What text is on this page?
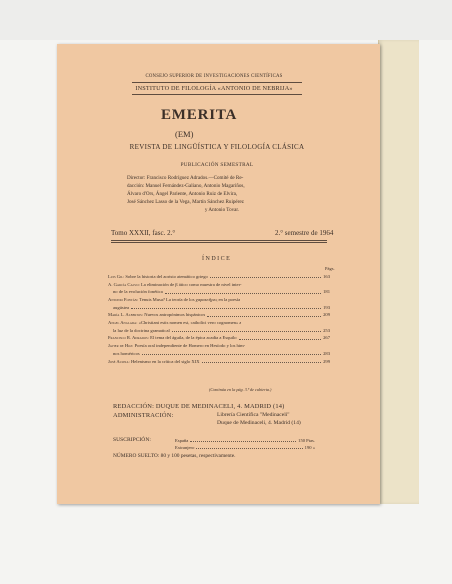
CONSEJO SUPERIOR DE INVESTIGACIONES CIENTÍFICAS
INSTITUTO DE FILOLOGÍA «ANTONIO DE NEBRIJA»
EMERITA
(EM)
REVISTA DE LINGÜÍSTICA Y FILOLOGÍA CLÁSICA
PUBLICACIÓN SEMESTRAL
Director: Francisco Rodríguez Adrados.—Comité de Re-
dacción: Manuel Fernández-Galiano, Antonio Magariños,
Álvaro d'Ors, Ángel Pariente, Antonio Ruiz de Elvira,
José Sánchez Lasso de la Vega, Martín Sánchez Ruipérez
y Antonio Tovar.
Tomo XXXII, fasc. 2.°	2.° semestre de 1964
ÍNDICE
Págs.
Luis Gil: Sobre la historia del aoristo atemático griego	163
A. García Calvo: La eliminación de β ático como muestra de nivel inter-
no de la evolución fonética	181
Antonio Fontán: Tenuis Musa? La teoría de los χαρακτῆρες en la poesía
augústea	193
María L. Albertos: Nuevos antropónimos hispánicos	209
Angel Anglada: «Christiani estis nomen est, catholici vero cognomen» a
la luz de la doctrina gramatical	253
Francisco R. Adrados: El tema del águila, de la épica acadia a Esquilo	267
Javier de Hoz: Poesía oral independiente de Homero en Hesíodo y los him-
nos homéricos	283
José Alsina: Helenismo en la crítica del siglo XIX	299
(Continúa en la pág. 3.ª de cubierta.)
REDACCIÓN: DUQUE DE MEDINACELI, 4. MADRID (14)
ADMINISTRACIÓN:	Librería Científica "Medinaceli"
Duque de Medinaceli, 4. Madrid (14)
SUSCRIPCIÓN:	España	150 Ptas.
Extranjero	190 »
NÚMERO SUELTO: 80 y 100 pesetas, respectivamente.
